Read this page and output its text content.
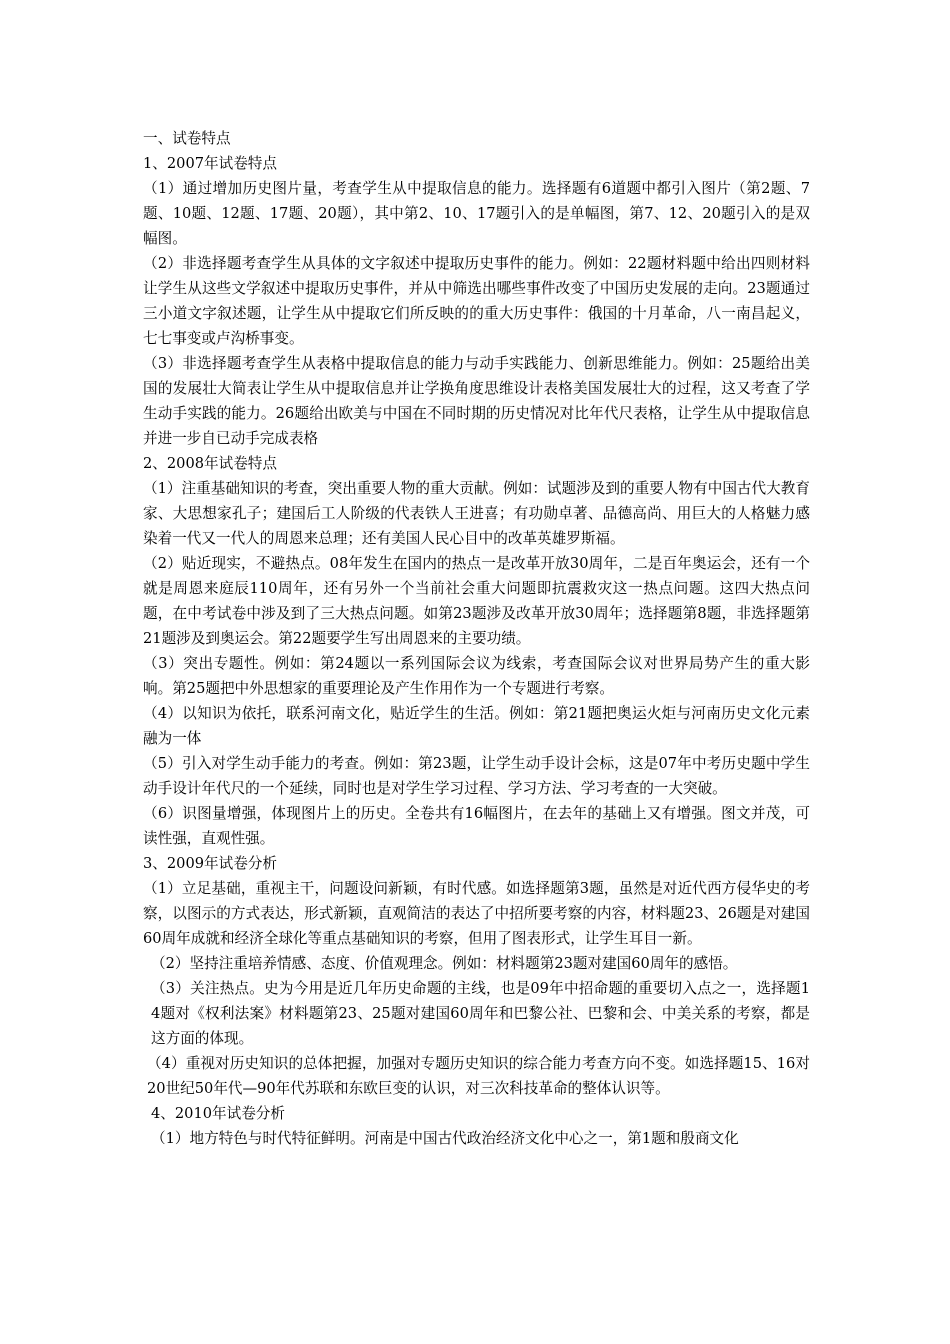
一、试卷特点

1、2007年试卷特点

（1）通过增加历史图片量，考查学生从中提取信息的能力。选择题有6道题中都引入图片（第2题、7题、10题、12题、17题、20题），其中第2、10、17题引入的是单幅图，第7、12、20题引入的是双幅图。

（2）非选择题考查学生从具体的文字叙述中提取历史事件的能力。例如：22题材料题中给出四则材料让学生从这些文学叙述中提取历史事件，并从中筛选出哪些事件改变了中国历史发展的走向。23题通过三小道文字叙述题，让学生从中提取它们所反映的的重大历史事件：俄国的十月革命，八一南昌起义，七七事变或卢沟桥事变。

（3）非选择题考查学生从表格中提取信息的能力与动手实践能力、创新思维能力。例如：25题给出美国的发展壮大简表让学生从中提取信息并让学换角度思维设计表格美国发展壮大的过程，这又考查了学生动手实践的能力。26题给出欧美与中国在不同时期的历史情况对比年代尺表格，让学生从中提取信息并进一步自已动手完成表格

2、2008年试卷特点

（1）注重基础知识的考查，突出重要人物的重大贡献。例如：试题涉及到的重要人物有中国古代大教育家、大思想家孔子；建国后工人阶级的代表铁人王进喜；有功勋卓著、品德高尚、用巨大的人格魅力感染着一代又一代人的周恩来总理；还有美国人民心目中的改革英雄罗斯福。

（2）贴近现实，不避热点。08年发生在国内的热点一是改革开放30周年，二是百年奥运会，还有一个就是周恩来庭辰110周年，还有另外一个当前社会重大问题即抗震救灾这一热点问题。这四大热点问题，在中考试卷中涉及到了三大热点问题。如第23题涉及改革开放30周年；选择题第8题，非选择题第21题涉及到奥运会。第22题要学生写出周恩来的主要功绩。

（3）突出专题性。例如：第24题以一系列国际会议为线索，考查国际会议对世界局势产生的重大影响。第25题把中外思想家的重要理论及产生作用作为一个专题进行考察。

（4）以知识为依托，联系河南文化，贴近学生的生活。例如：第21题把奥运火炬与河南历史文化元素融为一体

（5）引入对学生动手能力的考查。例如：第23题，让学生动手设计会标，这是07年中考历史题中学生动手设计年代尺的一个延续，同时也是对学生学习过程、学习方法、学习考查的一大突破。

（6）识图量增强，体现图片上的历史。全卷共有16幅图片，在去年的基础上又有增强。图文并茂，可读性强，直观性强。

3、2009年试卷分析

（1）立足基础，重视主干，问题设问新颖，有时代感。如选择题第3题，虽然是对近代西方侵华史的考察，以图示的方式表达，形式新颖，直观简洁的表达了中招所要考察的内容，材料题23、26题是对建国60周年成就和经济全球化等重点基础知识的考察，但用了图表形式，让学生耳目一新。

（2）坚持注重培养情感、态度、价值观理念。例如：材料题第23题对建国60周年的感悟。

（3）关注热点。史为今用是近几年历史命题的主线，也是09年中招命题的重要切入点之一，选择题14题对《权利法案》材料题第23、25题对建国60周年和巴黎公社、巴黎和会、中美关系的考察，都是这方面的体现。

（4）重视对历史知识的总体把握，加强对专题历史知识的综合能力考查方向不变。如选择题15、16对20世纪50年代—90年代苏联和东欧巨变的认识，对三次科技革命的整体认识等。

4、2010年试卷分析

（1）地方特色与时代特征鲜明。河南是中国古代政治经济文化中心之一，第1题和殷商文化
